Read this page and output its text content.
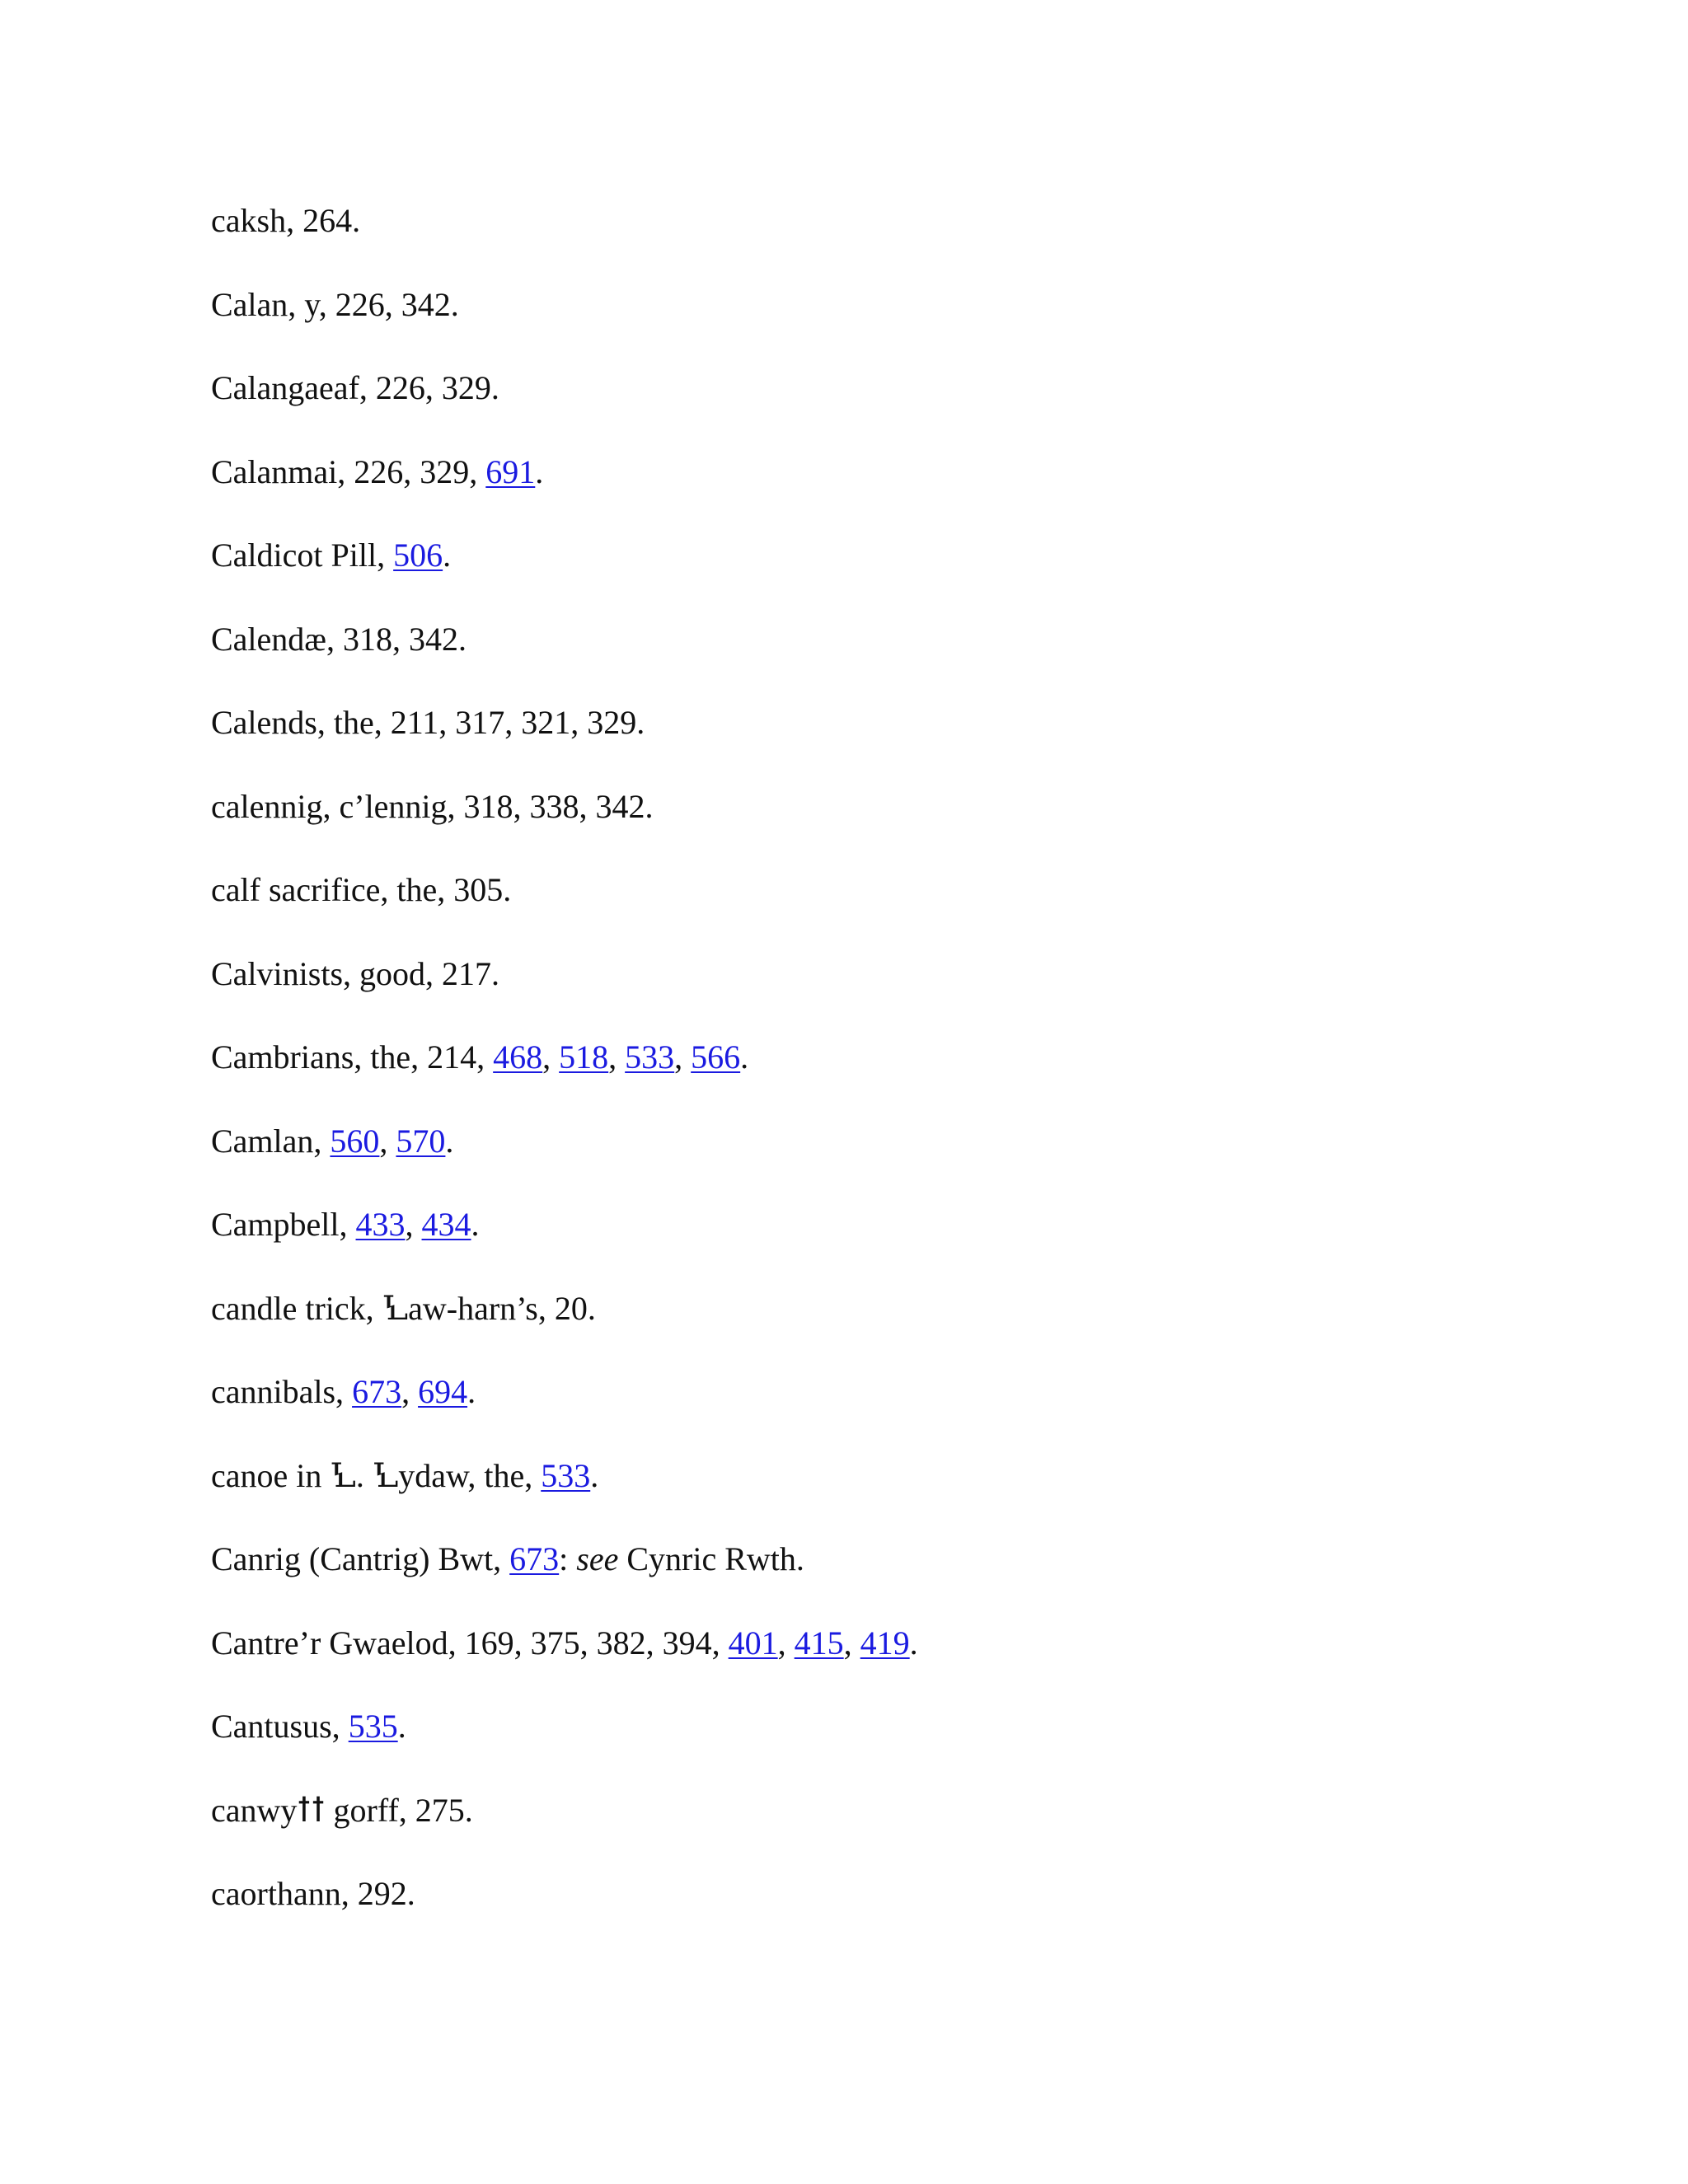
caksh, 264.
Calan, y, 226, 342.
Calangaeaf, 226, 329.
Calanmai, 226, 329, 691.
Caldicot Pill, 506.
Calendæ, 318, 342.
Calends, the, 211, 317, 321, 329.
calennig, c’lennig, 318, 338, 342.
calf sacrifice, the, 305.
Calvinists, good, 217.
Cambrians, the, 214, 468, 518, 533, 566.
Camlan, 560, 570.
Campbell, 433, 434.
candle trick, Ꝇaw-harn’s, 20.
cannibals, 673, 694.
canoe in Ꝇ. Ꝇydaw, the, 533.
Canrig (Cantrig) Bwt, 673: see Cynric Rwth.
Cantre’r Gwaelod, 169, 375, 382, 394, 401, 415, 419.
Cantusus, 535.
canwyꝉꝉ gorff, 275.
caorthann, 292.
